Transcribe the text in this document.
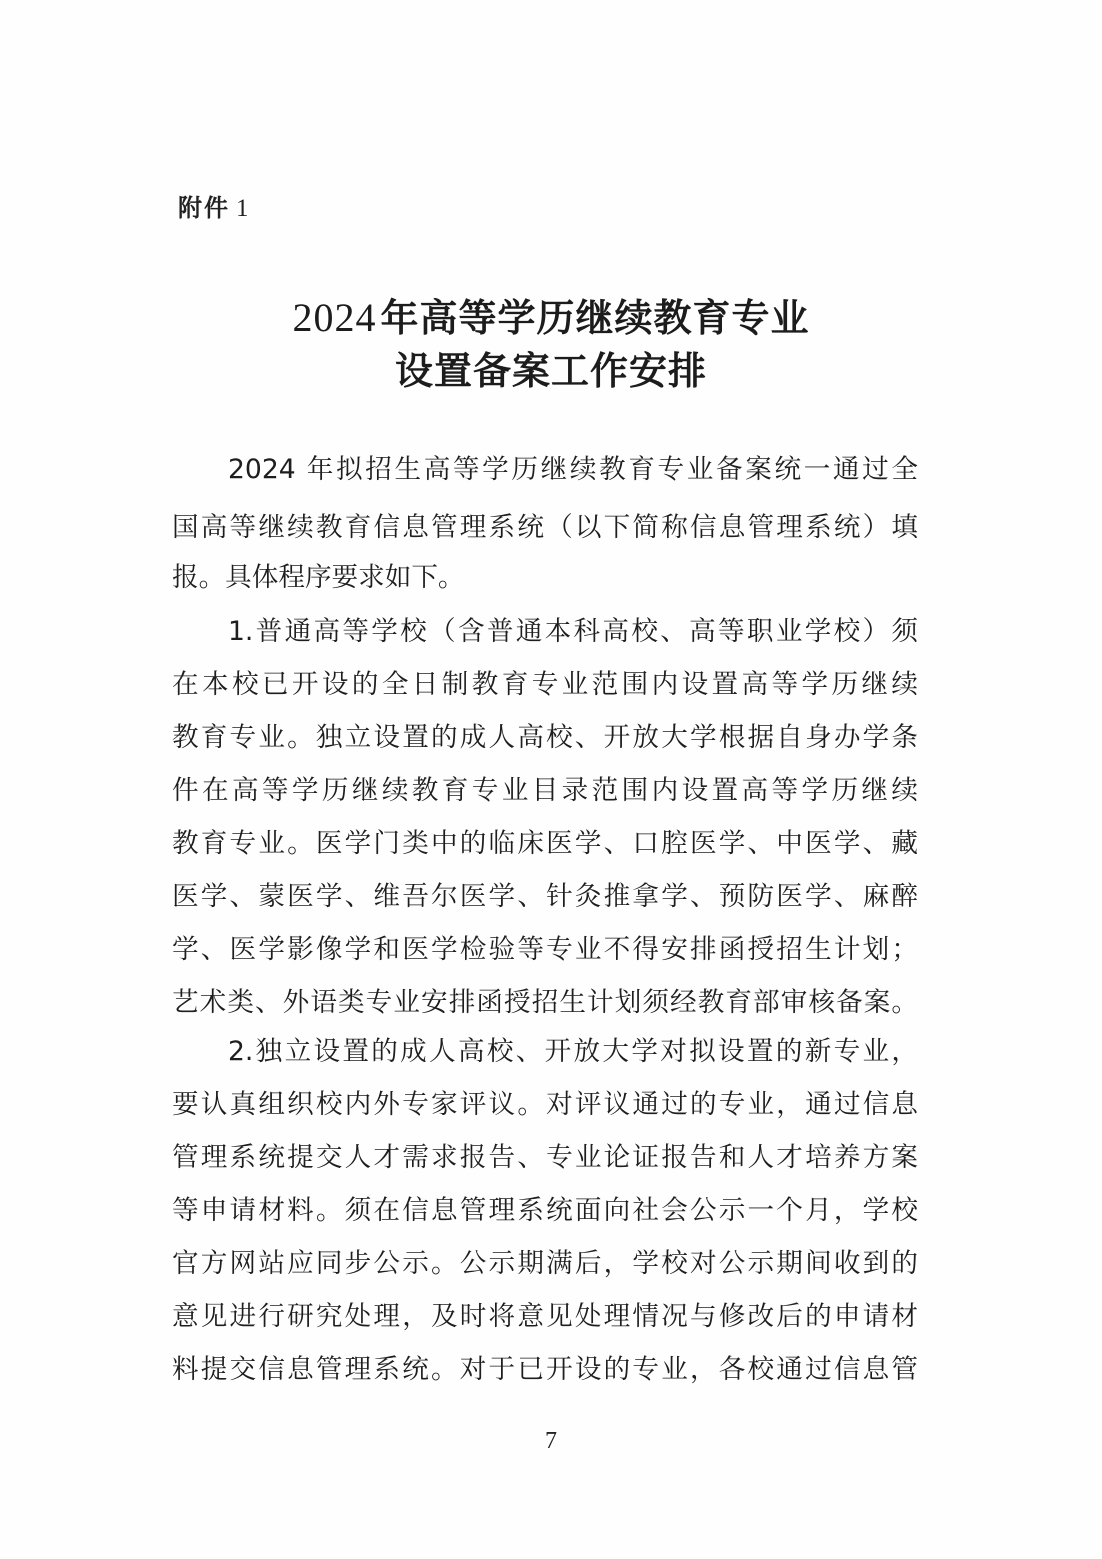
附件 1
2024 年高等学历继续教育专业
设置备案工作安排
2024 年拟招生高等学历继续教育专业备案统一通过全
国高等继续教育信息管理系统（以下简称信息管理系统）填
报。具体程序要求如下。
1.普通高等学校（含普通本科高校、高等职业学校）须
在本校已开设的全日制教育专业范围内设置高等学历继续
教育专业。独立设置的成人高校、开放大学根据自身办学条
件在高等学历继续教育专业目录范围内设置高等学历继续
教育专业。医学门类中的临床医学、口腔医学、中医学、藏
医学、蒙医学、维吾尔医学、针灸推拿学、预防医学、麻醉
学、医学影像学和医学检验等专业不得安排函授招生计划；
艺术类、外语类专业安排函授招生计划须经教育部审核备案。
2.独立设置的成人高校、开放大学对拟设置的新专业，
要认真组织校内外专家评议。对评议通过的专业，通过信息
管理系统提交人才需求报告、专业论证报告和人才培养方案
等申请材料。须在信息管理系统面向社会公示一个月，学校
官方网站应同步公示。公示期满后，学校对公示期间收到的
意见进行研究处理，及时将意见处理情况与修改后的申请材
料提交信息管理系统。对于已开设的专业，各校通过信息管
7
